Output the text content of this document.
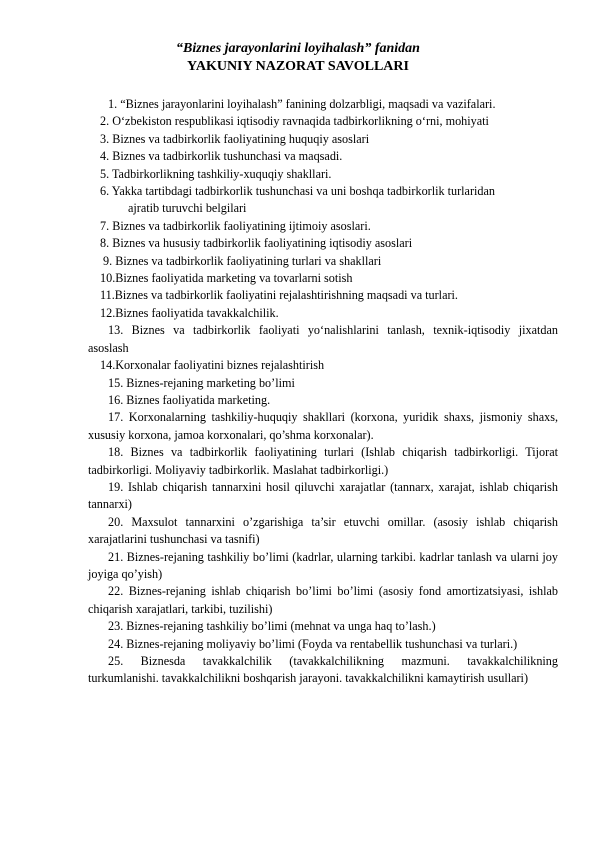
“Biznes jarayonlarini loyihalash” fanidan
YAKUNIY NAZORAT SAVOLLARI

1. “Biznes jarayonlarini loyihalash” fanining dolzarbligi, maqsadi va vazifalari.

2. O‘zbekiston respublikasi iqtisodiy ravnaqida tadbirkorlikning o‘rni, mohiyati

3. Biznes va tadbirkorlik faoliyatining huquqiy asoslari

4. Biznes va tadbirkorlik tushunchasi va maqsadi.

5. Tadbirkorlikning tashkiliy-xuquqiy shakllari.

6. Yakka tartibdagi tadbirkorlik tushunchasi va uni boshqa tadbirkorlik turlaridan ajratib turuvchi belgilari

7. Biznes va tadbirkorlik faoliyatining ijtimoiy asoslari.

8. Biznes va hususiy tadbirkorlik faoliyatining iqtisodiy asoslari

9. Biznes va tadbirkorlik faoliyatining turlari va shakllari

10.Biznes faoliyatida marketing va tovarlarni sotish

11.Biznes va tadbirkorlik faoliyatini rejalashtirishning maqsadi va turlari.

12.Biznes faoliyatida tavakkalchilik.

13. Biznes va tadbirkorlik faoliyati yo‘nalishlarini tanlash, texnik-iqtisodiy jixatdan asoslash

14.Korxonalar faoliyatini biznes rejalashtirish

15. Biznes-rejaning marketing bo’limi

16. Biznes faoliyatida marketing.

17. Korxonalarning tashkiliy-huquqiy shakllari (korxona, yuridik shaxs, jismoniy shaxs, xususiy korxona, jamoa korxonalari, qo’shma korxonalar).

18. Biznes va tadbirkorlik faoliyatining turlari (Ishlab chiqarish tadbirkorligi. Tijorat tadbirkorligi. Moliyaviy tadbirkorlik. Maslahat tadbirkorligi.)

19. Ishlab chiqarish tannarxini hosil qiluvchi xarajatlar (tannarx, xarajat, ishlab chiqarish tannarxi)

20. Maxsulot tannarxini o’zgarishiga ta’sir etuvchi omillar. (asosiy ishlab chiqarish xarajatlarini tushunchasi va tasnifi)

21. Biznes-rejaning tashkiliy bo’limi (kadrlar, ularning tarkibi. kadrlar tanlash va ularni joy joyiga qo’yish)

22. Biznes-rejaning ishlab chiqarish bo’limi bo’limi (asosiy fond amortizatsiyasi, ishlab chiqarish xarajatlari, tarkibi, tuzilishi)

23. Biznes-rejaning tashkiliy bo’limi (mehnat va unga haq to’lash.)

24. Biznes-rejaning moliyaviy bo’limi (Foyda va rentabellik tushunchasi va turlari.)

25. Biznesda tavakkalchilik (tavakkalchilikning mazmuni. tavakkalchilikning turkumlanishi. tavakkalchilikni boshqarish jarayoni. tavakkalchilikni kamaytirish usullari)
